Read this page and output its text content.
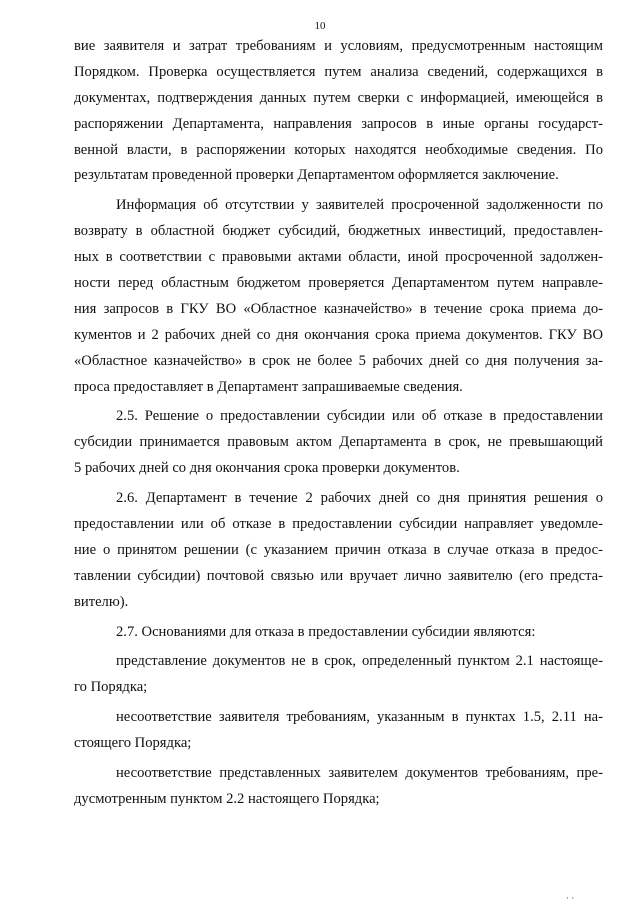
10
вие заявителя и затрат требованиям и условиям, предусмотренным настоящим
Порядком. Проверка осуществляется путем анализа сведений, содержащихся в
документах, подтверждения данных путем сверки с информацией, имеющейся в
распоряжении Департамента, направления запросов в иные органы государст-
венной власти, в распоряжении которых находятся необходимые сведения. По
результатам проведенной проверки Департаментом оформляется заключение.
Информация об отсутствии у заявителей просроченной задолженности по
возврату в областной бюджет субсидий, бюджетных инвестиций, предоставлен-
ных в соответствии с правовыми актами области, иной просроченной задолжен-
ности перед областным бюджетом проверяется Департаментом путем направле-
ния запросов в ГКУ ВО «Областное казначейство» в течение срока приема до-
кументов и 2 рабочих дней со дня окончания срока приема документов. ГКУ ВО
«Областное казначейство» в срок не более 5 рабочих дней со дня получения за-
проса предоставляет в Департамент запрашиваемые сведения.
2.5. Решение о предоставлении субсидии или об отказе в предоставлении
субсидии принимается правовым актом Департамента в срок, не превышающий
5 рабочих дней со дня окончания срока проверки документов.
2.6. Департамент в течение 2 рабочих дней со дня принятия решения о
предоставлении или об отказе в предоставлении субсидии направляет уведомле-
ние о принятом решении (с указанием причин отказа в случае отказа в предос-
тавлении субсидии) почтовой связью или вручает лично заявителю (его предста-
вителю).
2.7. Основаниями для отказа в предоставлении субсидии являются:
представление документов не в срок, определенный пунктом 2.1 настояще-
го Порядка;
несоответствие заявителя требованиям, указанным в пунктах 1.5, 2.11 на-
стоящего Порядка;
несоответствие представленных заявителем документов требованиям, пре-
дусмотренным пунктом 2.2 настоящего Порядка;
· ·
